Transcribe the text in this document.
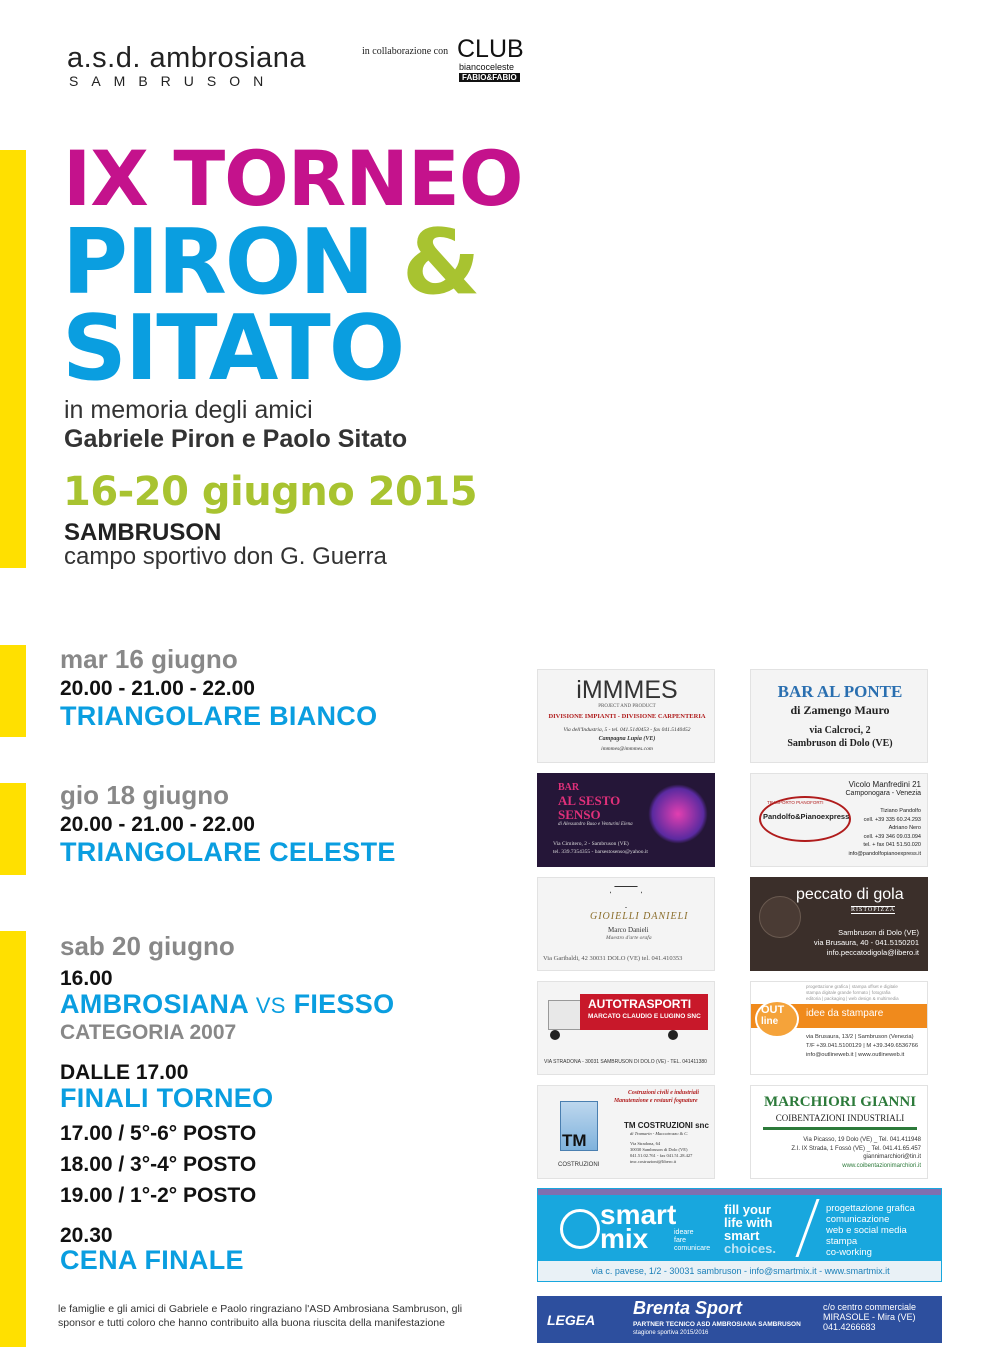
a.s.d. ambrosiana
SAMBRUSON
in collaborazione con CLUB
biancoceleste
FABIO&FABIO
IX TORNEO
PIRON &
SITATO
in memoria degli amici
Gabriele Piron e Paolo Sitato
16-20 giugno 2015
SAMBRUSON
campo sportivo don G. Guerra
mar 16 giugno
20.00 - 21.00 - 22.00
TRIANGOLARE BIANCO
gio 18 giugno
20.00 - 21.00 - 22.00
TRIANGOLARE CELESTE
sab 20 giugno
16.00
AMBROSIANA VS FIESSO
CATEGORIA 2007
DALLE 17.00
FINALI TORNEO
17.00 / 5°-6° POSTO
18.00 / 3°-4° POSTO
19.00 / 1°-2° POSTO
20.30
CENA FINALE
le famiglie e gli amici di Gabriele e Paolo ringraziano l'ASD Ambrosiana Sambruson, gli sponsor e tutti coloro che hanno contribuito alla buona riuscita della manifestazione
iMMMES
PROJECT AND PRODUCT
DIVISIONE IMPIANTI - DIVISIONE CARPENTERIA
Via dell'Industria, 5 - tel. 041.5140453 - fax 041.5140452
Campagna Lupia (VE)
immmes@immmes.com
BAR AL PONTE
di Zamengo Mauro
via Calcroci, 2
Sambruson di Dolo (VE)
BAR
AL SESTO
SENSO
di Alessandro Buso e Venturini Elena
Via Cimitero, 2 - Sambruson (VE)
tel. 339.7354355 - barsestosenso@yahoo.it
Vicolo Manfredini 21
Camponogara - Venezia
TRASPORTO PIANOFORTI
Pandolfo&Pianoexpress
Tiziano Pandolfo
cell. +39 335 60.24.293
Adriano Nero
cell. +39 346 09.03.094
tel. + fax 041 51.50.020
info@pandolfopianoexpress.it
GIOIELLI DANIELI
Marco Danieli
Maestro d'arte orafa
Via Garibaldi, 42 30031 DOLO (VE) tel. 041.410353
peccato di gola
RISTOPIZZA
Sambruson di Dolo (VE)
via Brusaura, 40 - 041.5150201
info.peccatodigola@libero.it
AUTOTRASPORTI
MARCATO CLAUDIO E LUGINO SNC
VIA STRADONA - 30031 SAMBRUSON DI DOLO (VE) - TEL. 041411380
progettazione grafica | stampa offset e digitale
stampa digitale grande formato | fotografia
editoria | packaging | web design & multimedia
OUT
line
idee da stampare
via Brusaura, 13/2 | Sambruson (Venezia)
T/F +39.041.5100129 | M +39.349.6536766
info@outlineweb.it | www.outlineweb.it
TM
COSTRUZIONI
Costruzioni civili e industriali
Manutenzione e restauri fognature
TM COSTRUZIONI snc
di Tramarin - Maccatrozzo & C.
Via Stradona, 64
30030 Sambruson di Dolo (VE)
041.51.02.761 - fax 041.51.28.427
tmc.costruzioni@libero.it
MARCHIORI GIANNI
COIBENTAZIONI INDUSTRIALI
Via Picasso, 19 Dolo (VE) _ Tel. 041.411948
Z.I. IX Strada, 1 Fossò (VE) _ Tel. 041.41.65.457
giannimarchiori@tin.it
www.coibentazionimarchiori.it
smart
mix	ideare
fare
comunicare
fill your
life with
smart
choices.
progettazione grafica
comunicazione
web e social media
stampa
co-working
via c. pavese, 1/2 - 30031 sambruson - info@smartmix.it - www.smartmix.it
LEGEA
Brenta Sport
PARTNER TECNICO ASD AMBROSIANA SAMBRUSON
stagione sportiva 2015/2016
c/o centro commerciale
MIRASOLE - Mira (VE)
041.4266683
